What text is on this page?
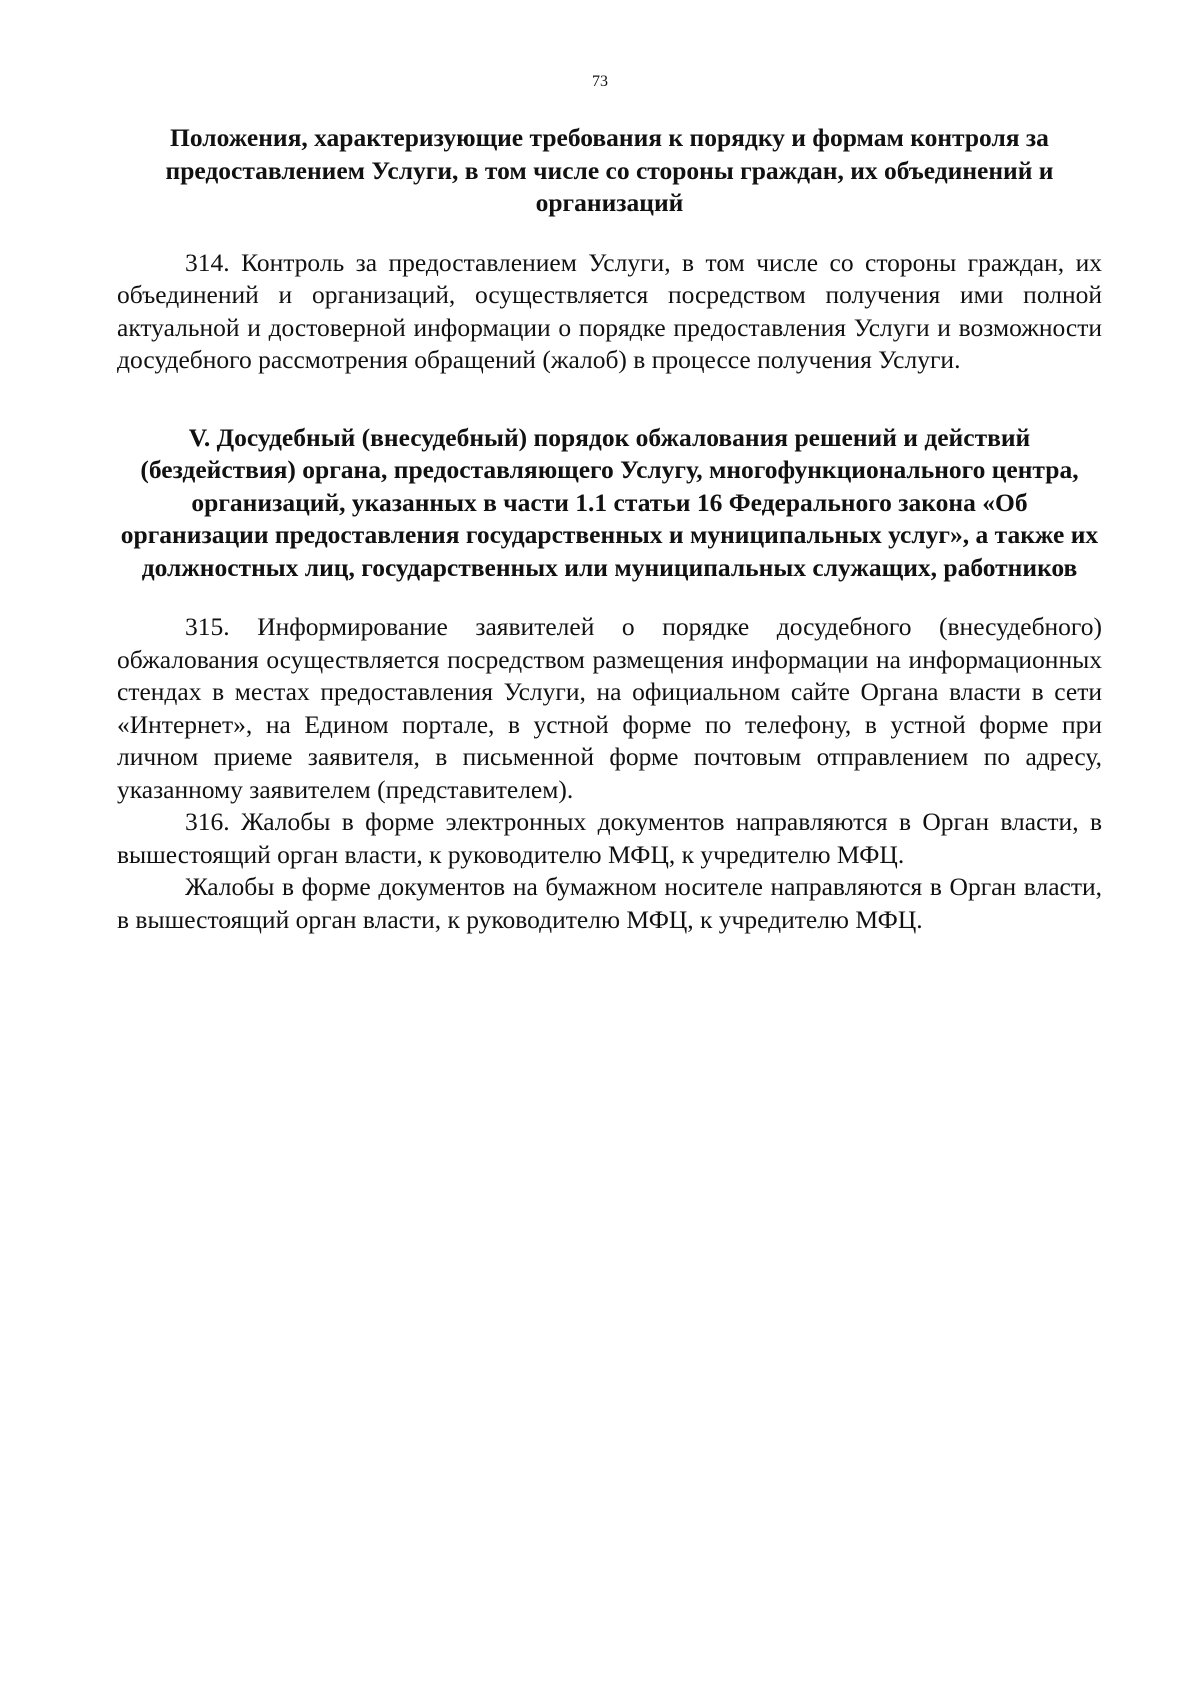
73
Положения, характеризующие требования к порядку и формам контроля за предоставлением Услуги, в том числе со стороны граждан, их объединений и организаций

314. Контроль за предоставлением Услуги, в том числе со стороны граждан, их объединений и организаций, осуществляется посредством получения ими полной актуальной и достоверной информации о порядке предоставления Услуги и возможности досудебного рассмотрения обращений (жалоб) в процессе получения Услуги.

V. Досудебный (внесудебный) порядок обжалования решений и действий (бездействия) органа, предоставляющего Услугу, многофункционального центра, организаций, указанных в части 1.1 статьи 16 Федерального закона «Об организации предоставления государственных и муниципальных услуг», а также их должностных лиц, государственных или муниципальных служащих, работников

315. Информирование заявителей о порядке досудебного (внесудебного) обжалования осуществляется посредством размещения информации на информационных стендах в местах предоставления Услуги, на официальном сайте Органа власти в сети «Интернет», на Едином портале, в устной форме по телефону, в устной форме при личном приеме заявителя, в письменной форме почтовым отправлением по адресу, указанному заявителем (представителем).

316. Жалобы в форме электронных документов направляются в Орган власти, в вышестоящий орган власти, к руководителю МФЦ, к учредителю МФЦ.

Жалобы в форме документов на бумажном носителе направляются в Орган власти, в вышестоящий орган власти, к руководителю МФЦ, к учредителю МФЦ.
